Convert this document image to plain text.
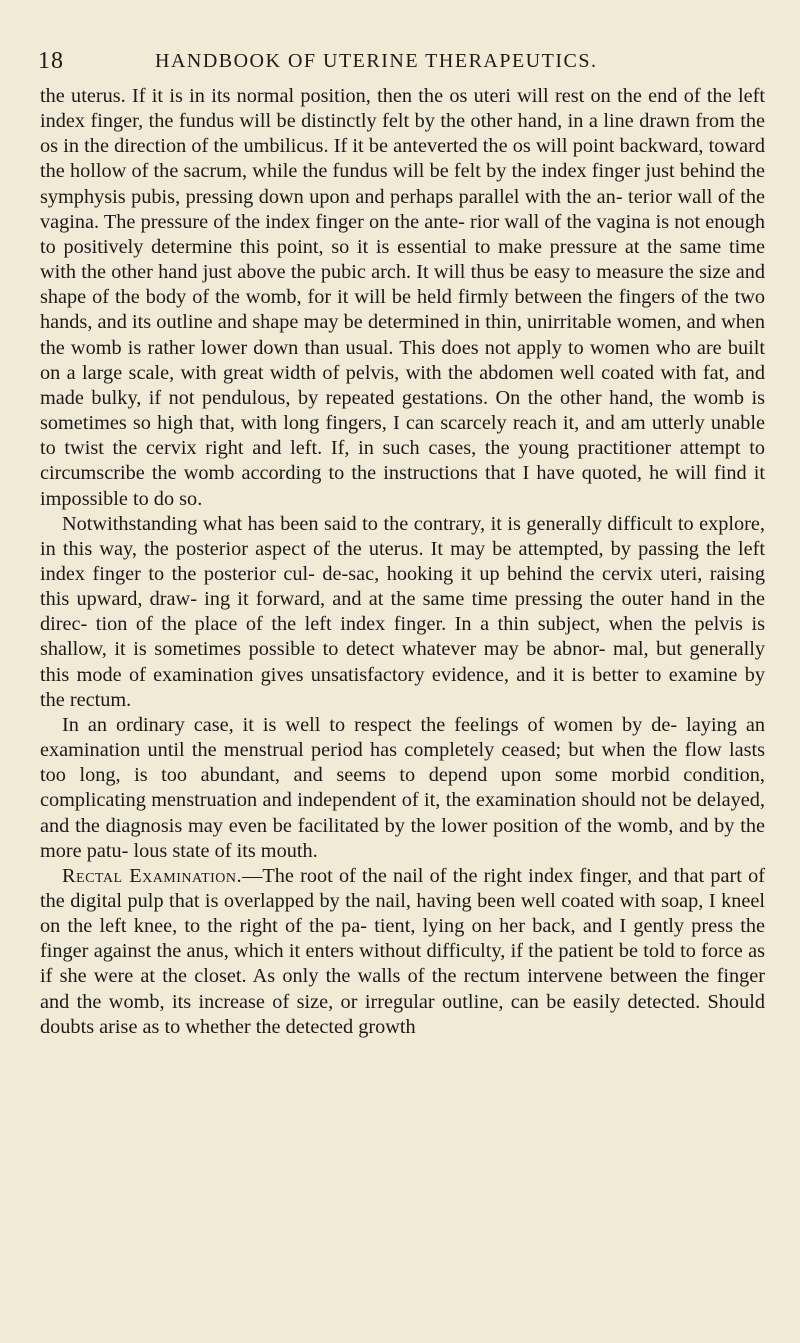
18	HANDBOOK OF UTERINE THERAPEUTICS.

the uterus. If it is in its normal position, then the os uteri will rest on the end of the left index finger, the fundus will be distinctly felt by the other hand, in a line drawn from the os in the direction of the umbilicus. If it be anteverted the os will point backward, toward the hollow of the sacrum, while the fundus will be felt by the index finger just behind the symphysis pubis, pressing down upon and perhaps parallel with the an- terior wall of the vagina. The pressure of the index finger on the ante- rior wall of the vagina is not enough to positively determine this point, so it is essential to make pressure at the same time with the other hand just above the pubic arch. It will thus be easy to measure the size and shape of the body of the womb, for it will be held firmly between the fingers of the two hands, and its outline and shape may be determined in thin, unirritable women, and when the womb is rather lower down than usual. This does not apply to women who are built on a large scale, with great width of pelvis, with the abdomen well coated with fat, and made bulky, if not pendulous, by repeated gestations. On the other hand, the womb is sometimes so high that, with long fingers, I can scarcely reach it, and am utterly unable to twist the cervix right and left. If, in such cases, the young practitioner attempt to circumscribe the womb according to the instructions that I have quoted, he will find it impossible to do so.

Notwithstanding what has been said to the contrary, it is generally difficult to explore, in this way, the posterior aspect of the uterus. It may be attempted, by passing the left index finger to the posterior cul- de-sac, hooking it up behind the cervix uteri, raising this upward, draw- ing it forward, and at the same time pressing the outer hand in the direc- tion of the place of the left index finger. In a thin subject, when the pelvis is shallow, it is sometimes possible to detect whatever may be abnor- mal, but generally this mode of examination gives unsatisfactory evidence, and it is better to examine by the rectum.

In an ordinary case, it is well to respect the feelings of women by de- laying an examination until the menstrual period has completely ceased; but when the flow lasts too long, is too abundant, and seems to depend upon some morbid condition, complicating menstruation and independent of it, the examination should not be delayed, and the diagnosis may even be facilitated by the lower position of the womb, and by the more patu- lous state of its mouth.

Rectal Examination.—The root of the nail of the right index finger, and that part of the digital pulp that is overlapped by the nail, having been well coated with soap, I kneel on the left knee, to the right of the pa- tient, lying on her back, and I gently press the finger against the anus, which it enters without difficulty, if the patient be told to force as if she were at the closet. As only the walls of the rectum intervene between the finger and the womb, its increase of size, or irregular outline, can be easily detected. Should doubts arise as to whether the detected growth
